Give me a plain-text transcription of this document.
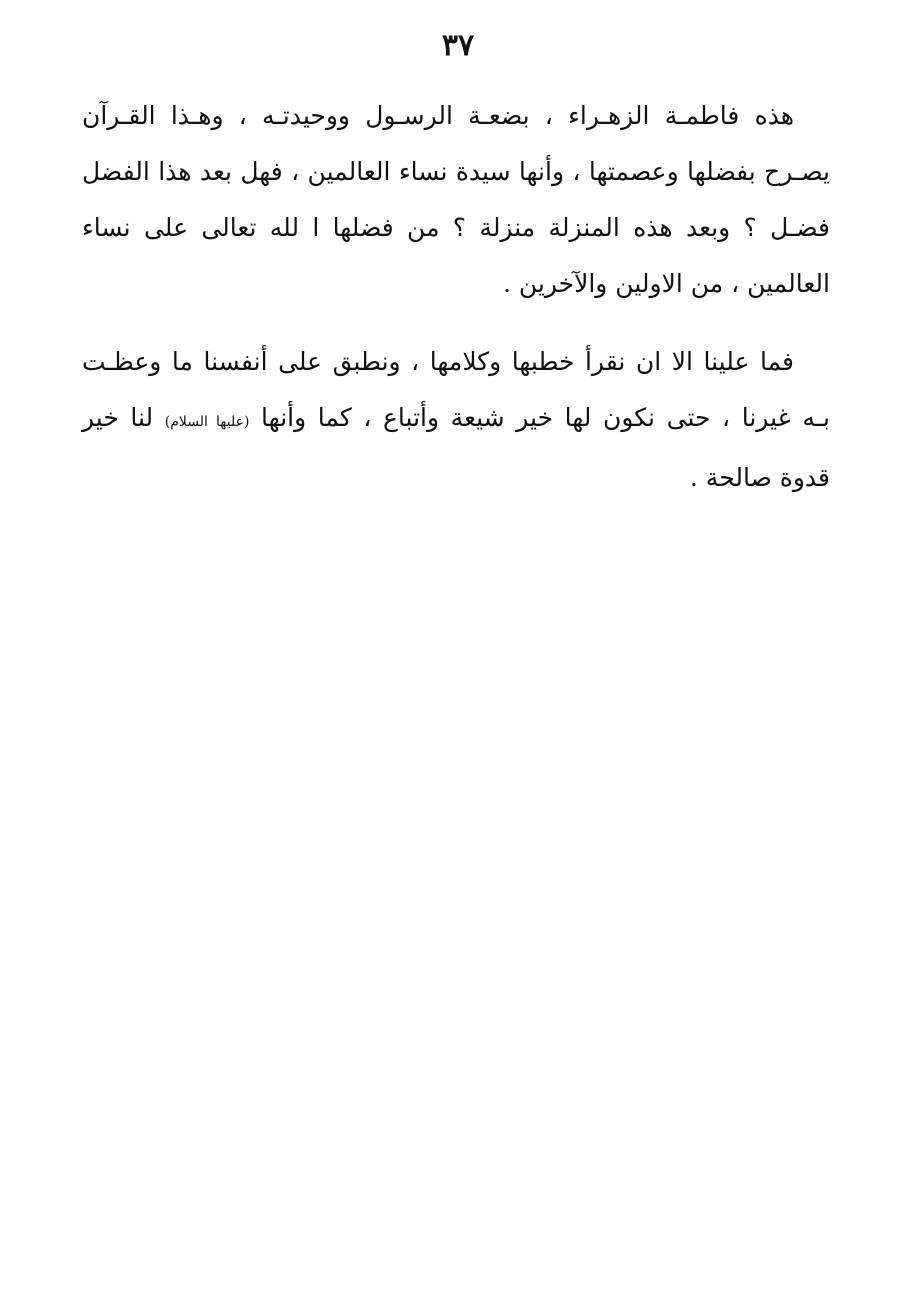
٣٧

هذه فاطمـة الزهـراء ، بضعـة الرسـول ووحيدتـه ، وهـذا القـرآن يصـرح بفضلها وعصمتها ، وأنها سيدة نساء العالمين ، فهل بعد هذا الفضل فضـل ؟ وبعد هذه المنزلة منزلة ؟ من فضلها ا لله تعالى على نساء العالمين ، من الاولين والآخرين .

فما علينا الا ان نقرأ خطبها وكلامها ، ونطبق على أنفسنا ما وعظـت بـه غيرنا ، حتى نكون لها خير شيعة وأتباع ، كما وأنها (عليها السلام) لنا خير قدوة صالحة .
